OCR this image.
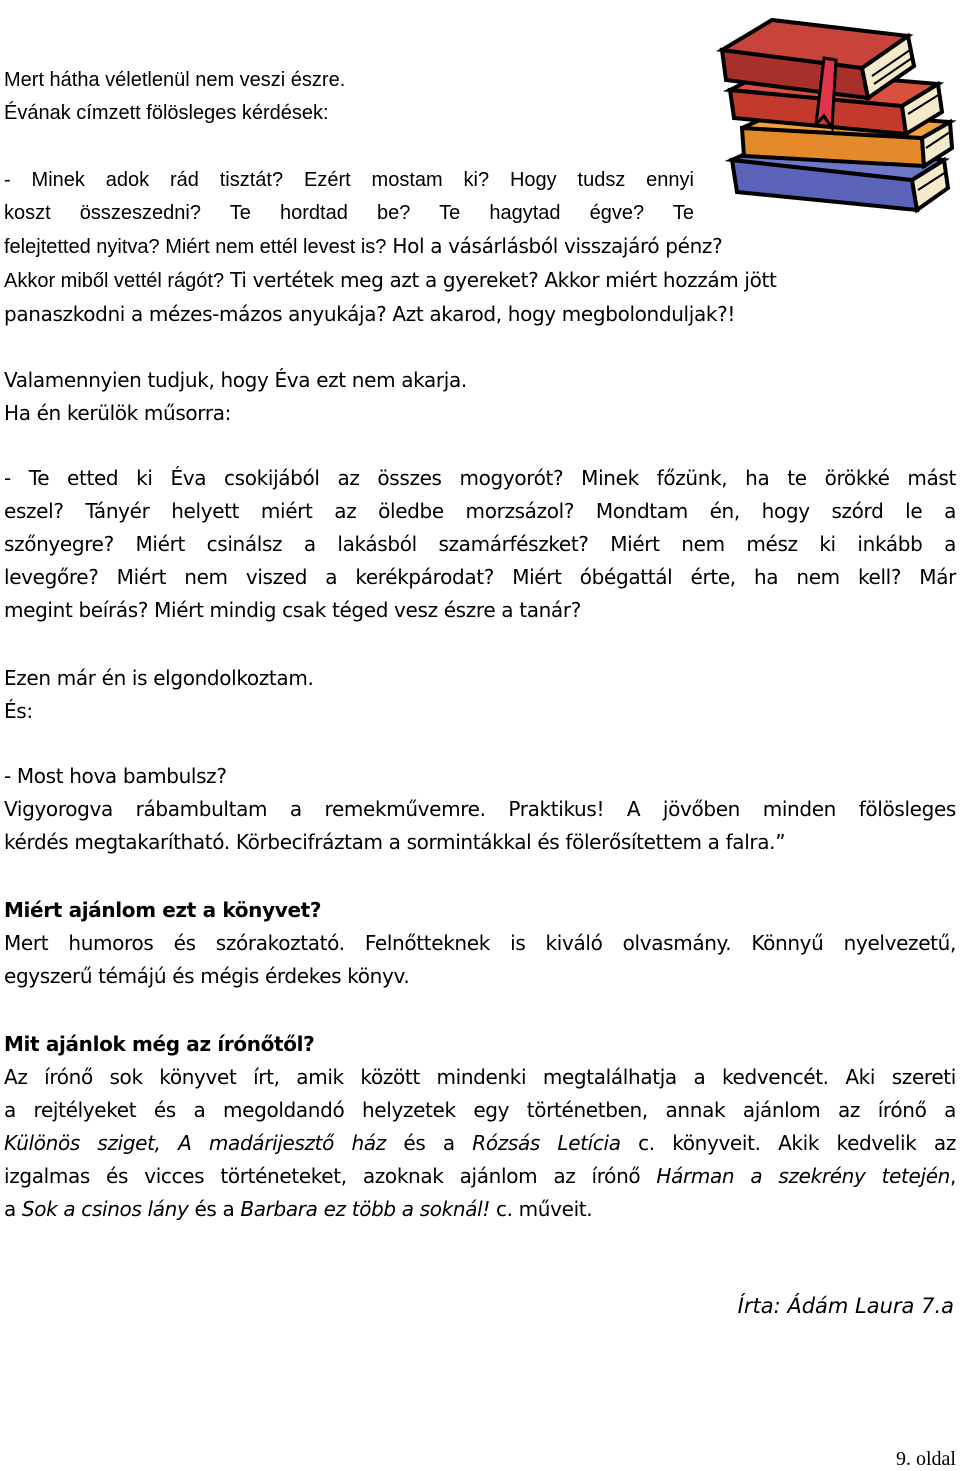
Mert hátha véletlenül nem veszi észre.
Évának címzett fölösleges kérdések:
- Minek adok rád tisztát? Ezért mostam ki? Hogy tudsz ennyi
koszt összeszedni? Te hordtad be? Te hagytad égve? Te
felejtetted nyitva? Miért nem ettél levest is? Hol a vásárlásból visszajáró pénz?
Akkor miből vettél rágót? Ti vertétek meg azt a gyereket? Akkor miért hozzám jött
panaszkodni a mézes-mázos anyukája? Azt akarod, hogy megbolonduljak?!
Valamennyien tudjuk, hogy Éva ezt nem akarja.
Ha én kerülök műsorra:
- Te etted ki Éva csokijából az összes mogyorót? Minek főzünk, ha te örökké mást
eszel? Tányér helyett miért az öledbe morzsázol? Mondtam én, hogy szórd le a
szőnyegre? Miért csinálsz a lakásból szamárfészket? Miért nem mész ki inkább a
levegőre? Miért nem viszed a kerékpárodat? Miért óbégattál érte, ha nem kell? Már
megint beírás? Miért mindig csak téged vesz észre a tanár?
Ezen már én is elgondolkoztam.
És:
- Most hova bambulsz?
Vigyorogva rábambultam a remekművemre. Praktikus! A jövőben minden fölösleges
kérdés megtakarítható. Körbecifráztam a sormintákkal és fölerősítettem a falra.”
Miért ajánlom ezt a könyvet?
Mert humoros és szórakoztató. Felnőtteknek is kiváló olvasmány. Könnyű nyelvezetű,
egyszerű témájú és mégis érdekes könyv.
Mit ajánlok még az írónőtől?
Az írónő sok könyvet írt, amik között mindenki megtalálhatja a kedvencét. Aki szereti
a rejtélyeket és a megoldandó helyzetek egy történetben, annak ajánlom az írónő a
Különös sziget, A madárijesztő ház és a Rózsás Letícia c. könyveit. Akik kedvelik az
izgalmas és vicces történeteket, azoknak ajánlom az írónő Hárman a szekrény tetején,
a Sok a csinos lány és a Barbara ez több a soknál! c. műveit.
Írta: Ádám Laura 7.a
9. oldal
